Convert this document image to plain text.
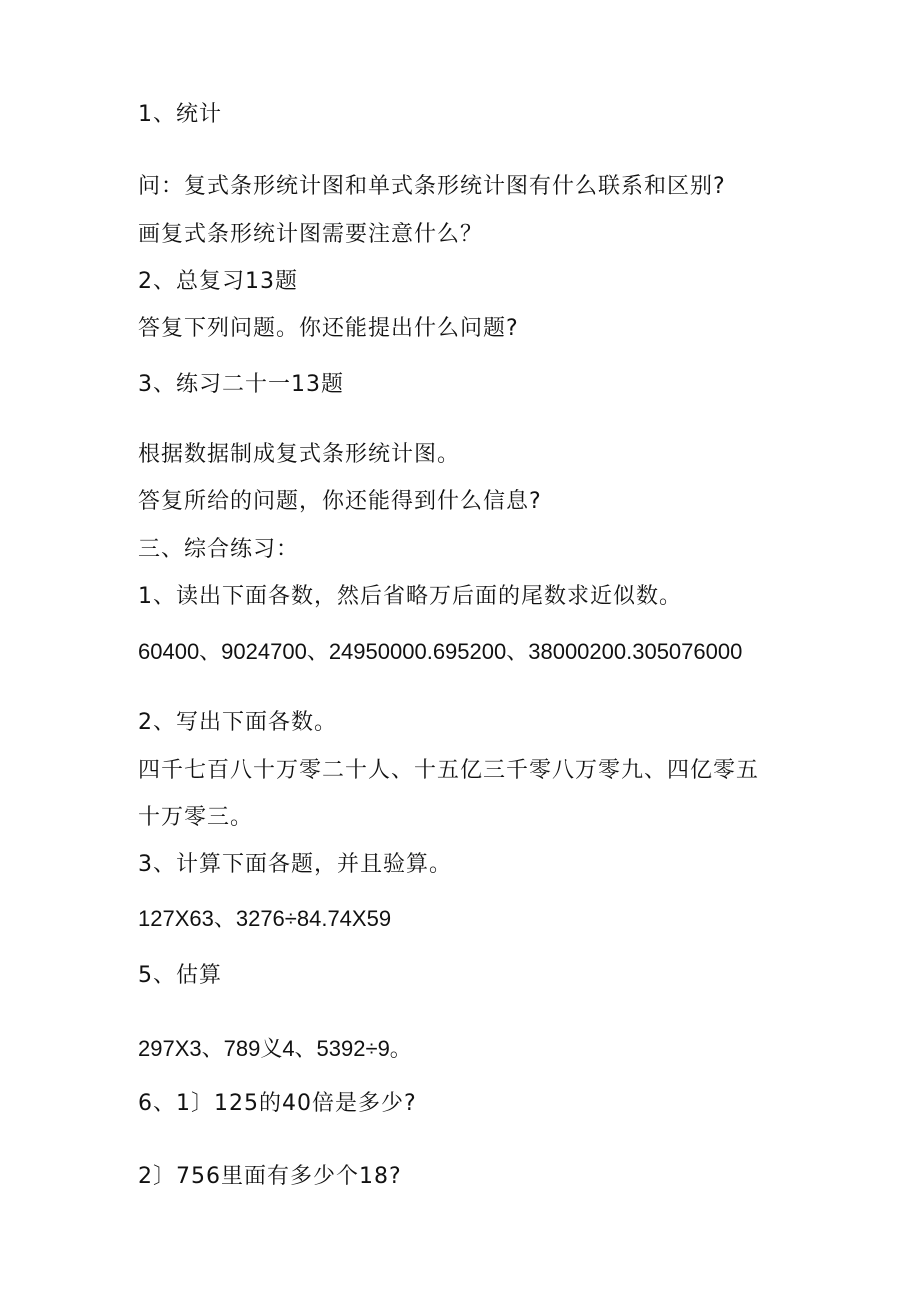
1、统计
问：复式条形统计图和单式条形统计图有什么联系和区别?
画复式条形统计图需要注意什么？
2、总复习13题
答复下列问题。你还能提出什么问题?
3、练习二十一13题
根据数据制成复式条形统计图。
答复所给的问题，你还能得到什么信息?
三、综合练习：
1、读出下面各数，然后省略万后面的尾数求近似数。
60400、9024700、24950000.695200、38000200.305076000
2、写出下面各数。
四千七百八十万零二十人、十五亿三千零八万零九、四亿零五
十万零三。
3、计算下面各题，并且验算。
127X63、3276÷84.74X59
5、估算
297X3、789义4、5392÷9。
6、1〕125的40倍是多少?
2〕756里面有多少个18?
